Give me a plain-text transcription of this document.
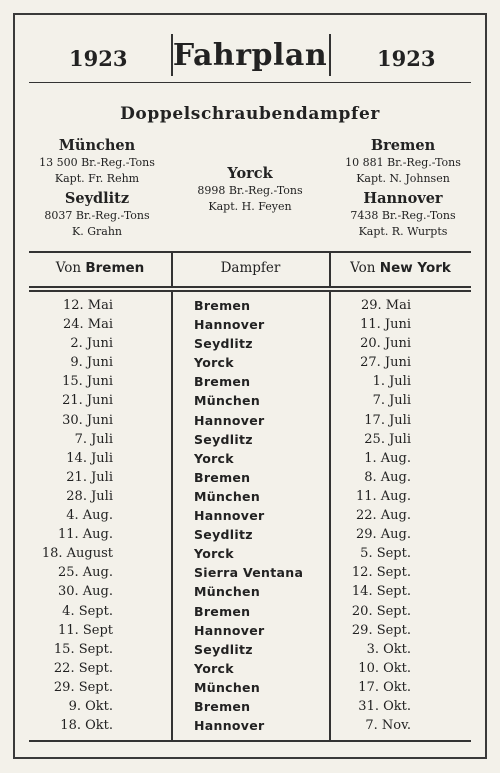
1923 Fahrplan 1923
Doppelschraubendampfer
München
13 500 Br.-Reg.-Tons
Kapt. Fr. Rehm
Seydlitz
8037 Br.-Reg.-Tons
K. Grahn
Yorck
8998 Br.-Reg.-Tons
Kapt. H. Feyen
Bremen
10 881 Br.-Reg.-Tons
Kapt. N. Johnsen
Hannover
7438 Br.-Reg.-Tons
Kapt. R. Wurpts
Von Bremen	Dampfer	Von New York
12. Mai	Bremen	29. Mai
24. Mai	Hannover	11. Juni
2. Juni	Seydlitz	20. Juni
9. Juni	Yorck	27. Juni
15. Juni	Bremen	1. Juli
21. Juni	München	7. Juli
30. Juni	Hannover	17. Juli
7. Juli	Seydlitz	25. Juli
14. Juli	Yorck	1. Aug.
21. Juli	Bremen	8. Aug.
28. Juli	München	11. Aug.
4. Aug.	Hannover	22. Aug.
11. Aug.	Seydlitz	29. Aug.
18. August	Yorck	5. Sept.
25. Aug.	Sierra Ventana	12. Sept.
30. Aug.	München	14. Sept.
4. Sept.	Bremen	20. Sept.
11. Sept	Hannover	29. Sept.
15. Sept.	Seydlitz	3. Okt.
22. Sept.	Yorck	10. Okt.
29. Sept.	München	17. Okt.
9. Okt.	Bremen	31. Okt.
18. Okt.	Hannover	7. Nov.
